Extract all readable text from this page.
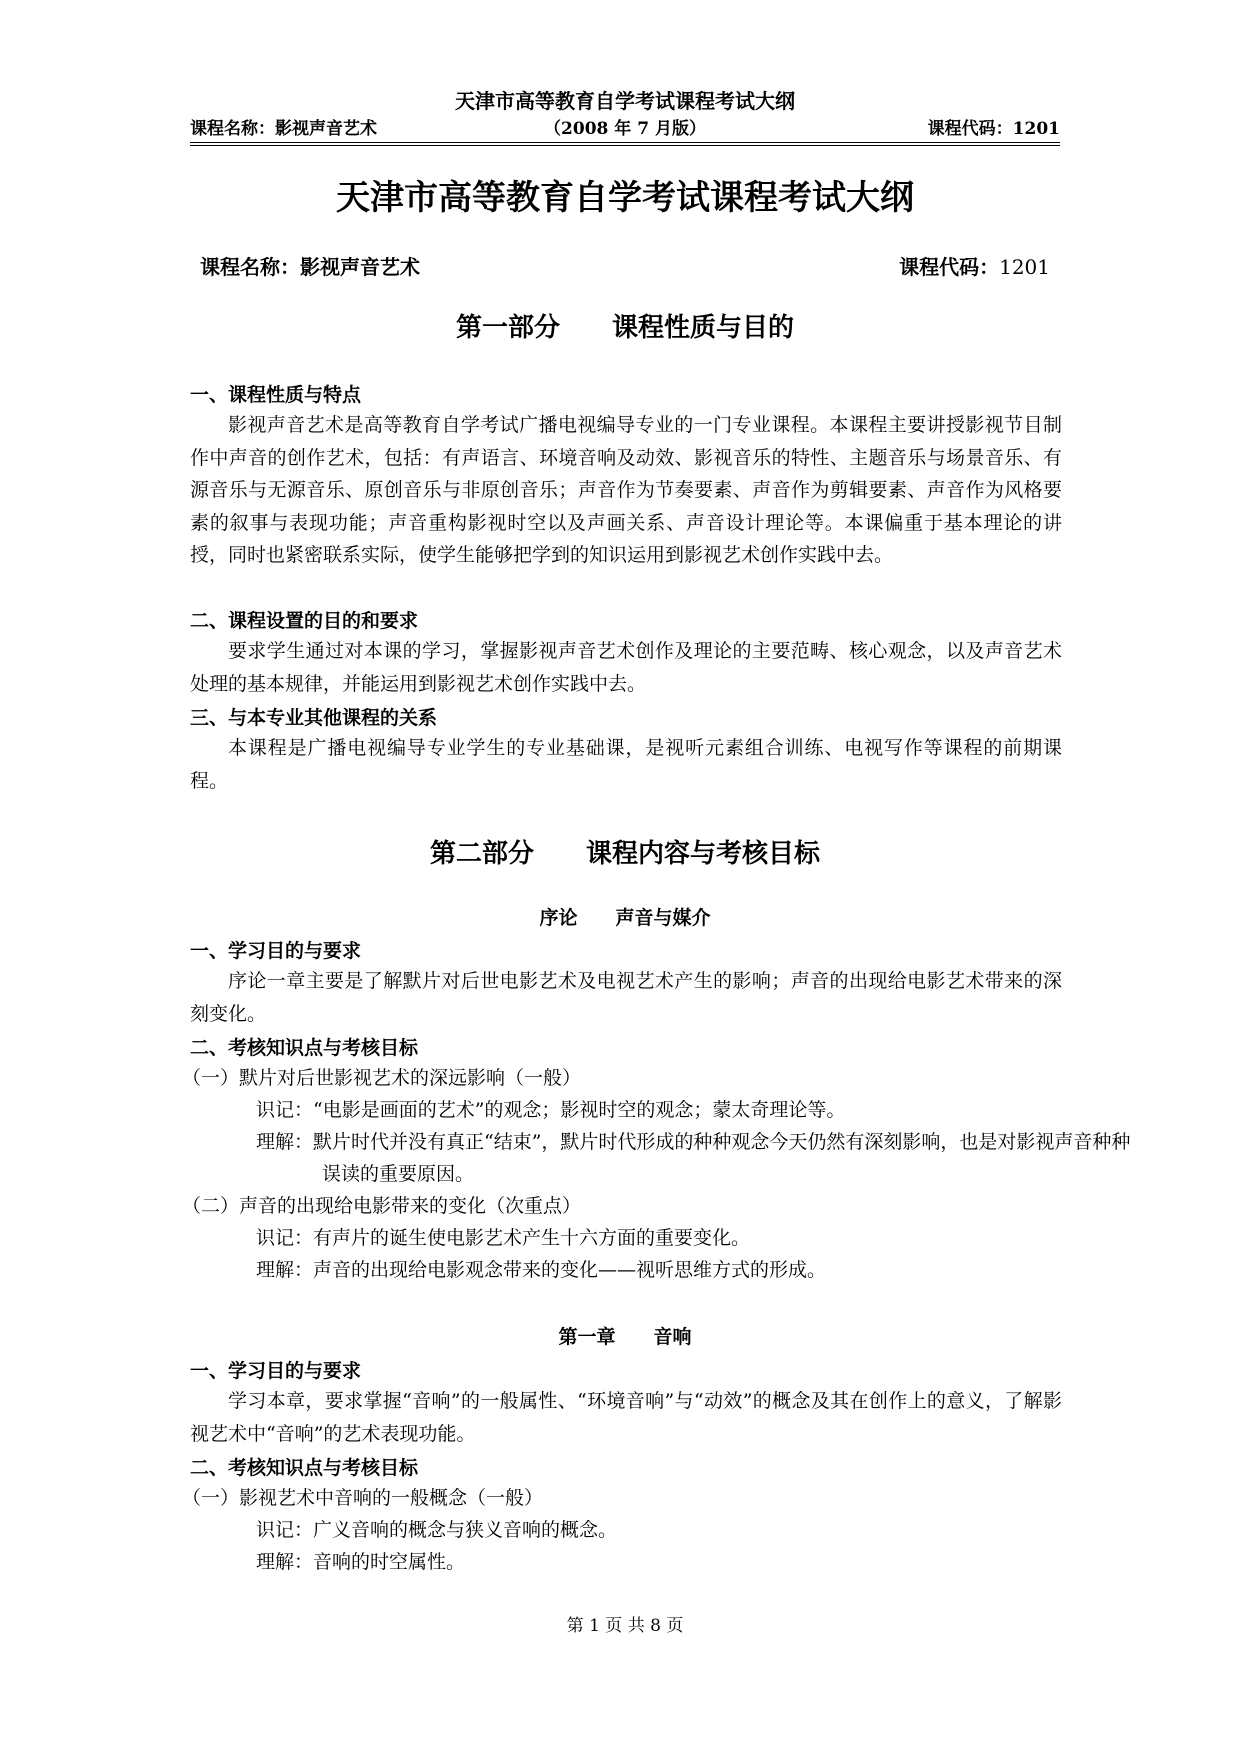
天津市高等教育自学考试课程考试大纲
课程名称：影视声音艺术	（2008 年 7 月版）	课程代码：1201
天津市高等教育自学考试课程考试大纲
课程名称：影视声音艺术	课程代码：1201
第一部分　　课程性质与目的
一、课程性质与特点
影视声音艺术是高等教育自学考试广播电视编导专业的一门专业课程。本课程主要讲授影视节目制作中声音的创作艺术，包括：有声语言、环境音响及动效、影视音乐的特性、主题音乐与场景音乐、有源音乐与无源音乐、原创音乐与非原创音乐；声音作为节奏要素、声音作为剪辑要素、声音作为风格要素的叙事与表现功能；声音重构影视时空以及声画关系、声音设计理论等。本课偏重于基本理论的讲授，同时也紧密联系实际，使学生能够把学到的知识运用到影视艺术创作实践中去。
二、课程设置的目的和要求
要求学生通过对本课的学习，掌握影视声音艺术创作及理论的主要范畴、核心观念，以及声音艺术处理的基本规律，并能运用到影视艺术创作实践中去。
三、与本专业其他课程的关系
本课程是广播电视编导专业学生的专业基础课，是视听元素组合训练、电视写作等课程的前期课程。
第二部分　　课程内容与考核目标
序论　　声音与媒介
一、学习目的与要求
序论一章主要是了解默片对后世电影艺术及电视艺术产生的影响；声音的出现给电影艺术带来的深刻变化。
二、考核知识点与考核目标
（一）默片对后世影视艺术的深远影响（一般）
识记：“电影是画面的艺术”的观念；影视时空的观念；蒙太奇理论等。
理解：默片时代并没有真正“结束”，默片时代形成的种种观念今天仍然有深刻影响，也是对影视声音种种误读的重要原因。
（二）声音的出现给电影带来的变化（次重点）
识记：有声片的诞生使电影艺术产生十六方面的重要变化。
理解：声音的出现给电影观念带来的变化——视听思维方式的形成。
第一章　　音响
一、学习目的与要求
学习本章，要求掌握“音响”的一般属性、“环境音响”与“动效”的概念及其在创作上的意义，了解影视艺术中“音响”的艺术表现功能。
二、考核知识点与考核目标
（一）影视艺术中音响的一般概念（一般）
识记：广义音响的概念与狭义音响的概念。
理解：音响的时空属性。
第 1 页 共 8 页
